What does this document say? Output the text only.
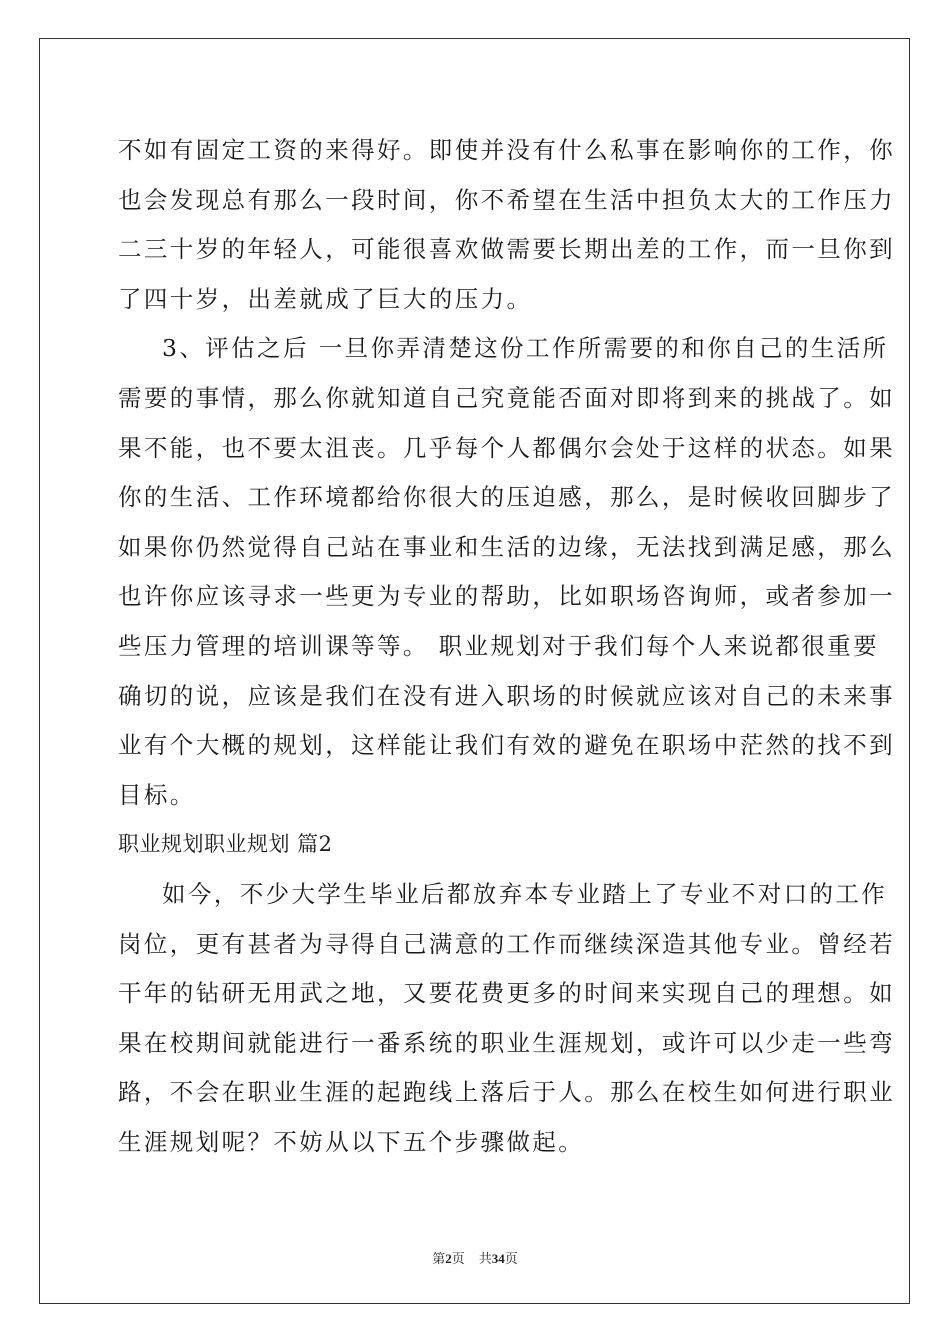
不如有固定工资的来得好。即使并没有什么私事在影响你的工作，你
也会发现总有那么一段时间，你不希望在生活中担负太大的工作压力
二三十岁的年轻人，可能很喜欢做需要长期出差的工作，而一旦你到
了四十岁，出差就成了巨大的压力。
3、评估之后 一旦你弄清楚这份工作所需要的和你自己的生活所
需要的事情，那么你就知道自己究竟能否面对即将到来的挑战了。如
果不能，也不要太沮丧。几乎每个人都偶尔会处于这样的状态。如果
你的生活、工作环境都给你很大的压迫感，那么，是时候收回脚步了
如果你仍然觉得自己站在事业和生活的边缘，无法找到满足感，那么
也许你应该寻求一些更为专业的帮助，比如职场咨询师，或者参加一
些压力管理的培训课等等。 职业规划对于我们每个人来说都很重要
确切的说，应该是我们在没有进入职场的时候就应该对自己的未来事
业有个大概的规划，这样能让我们有效的避免在职场中茫然的找不到
目标。
职业规划职业规划 篇2
如今，不少大学生毕业后都放弃本专业踏上了专业不对口的工作
岗位，更有甚者为寻得自己满意的工作而继续深造其他专业。曾经若
干年的钻研无用武之地，又要花费更多的时间来实现自己的理想。如
果在校期间就能进行一番系统的职业生涯规划，或许可以少走一些弯
路，不会在职业生涯的起跑线上落后于人。那么在校生如何进行职业
生涯规划呢？不妨从以下五个步骤做起。
第2页 共34页
